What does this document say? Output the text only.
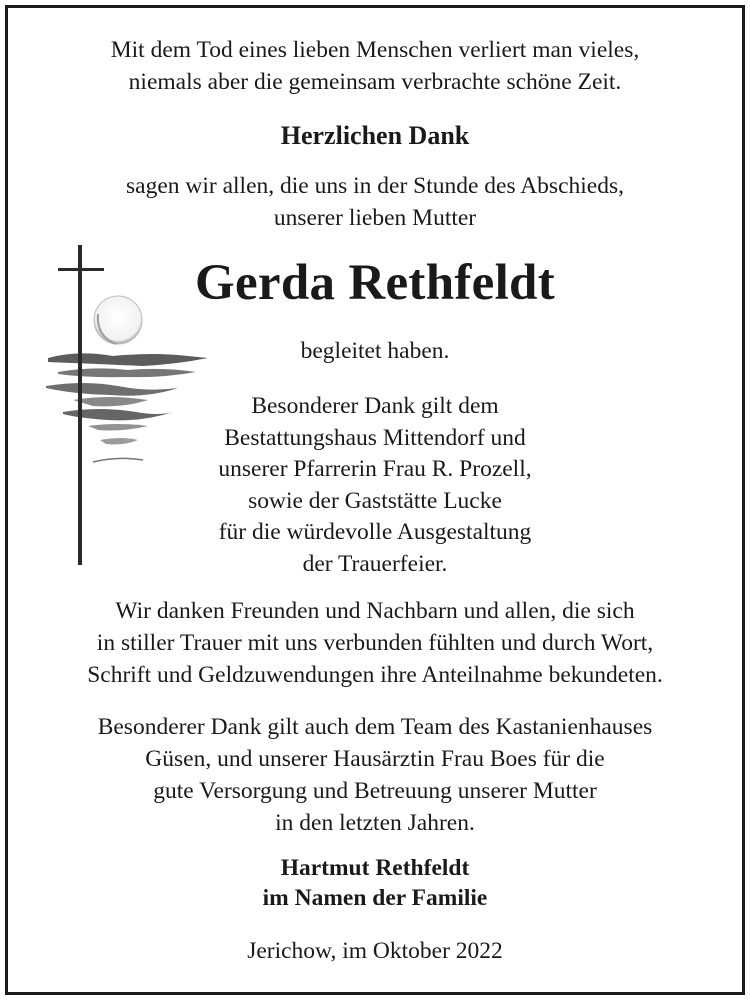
Mit dem Tod eines lieben Menschen verliert man vieles,
niemals aber die gemeinsam verbrachte schöne Zeit.
Herzlichen Dank
sagen wir allen, die uns in der Stunde des Abschieds,
unserer lieben Mutter
Gerda Rethfeldt
begleitet haben.
Besonderer Dank gilt dem
Bestattungshaus Mittendorf und
unserer Pfarrerin Frau R. Prozell,
sowie der Gaststätte Lucke
für die würdevolle Ausgestaltung
der Trauerfeier.
Wir danken Freunden und Nachbarn und allen, die sich
in stiller Trauer mit uns verbunden fühlten und durch Wort,
Schrift und Geldzuwendungen ihre Anteilnahme bekundeten.
Besonderer Dank gilt auch dem Team des Kastanienhauses
Güsen, und unserer Hausärztin Frau Boes für die
gute Versorgung und Betreuung unserer Mutter
in den letzten Jahren.
Hartmut Rethfeldt
im Namen der Familie
Jerichow, im Oktober 2022
